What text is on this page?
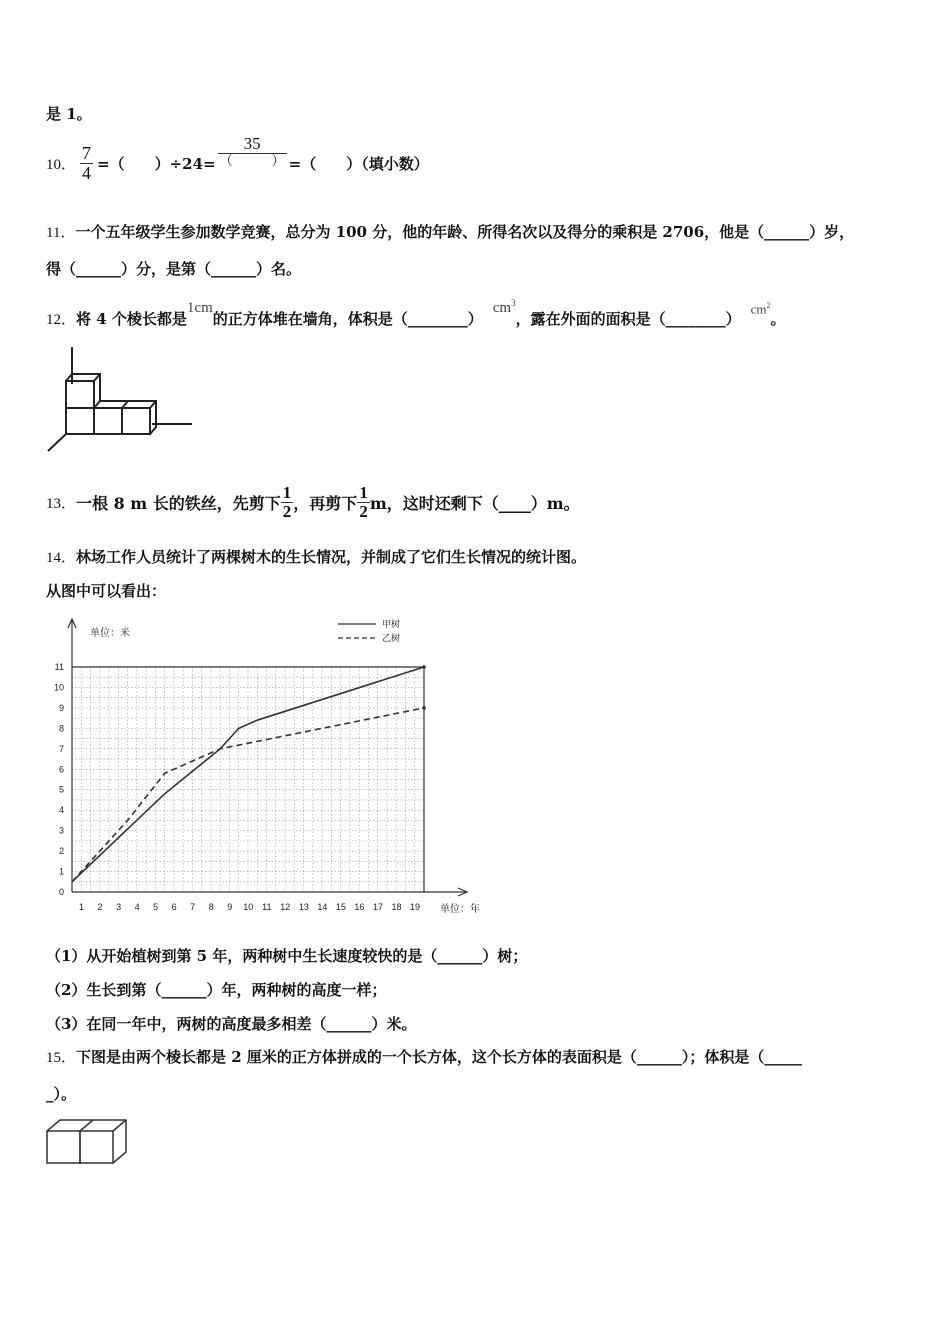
是 1。
10． $\frac{7}{4}$ =（　　）$\div 24= \frac{35}{( )}$ =（　　）（填小数）
11．一个五年级学生参加数学竞赛，总分为 100 分，他的年龄、所得名次以及得分的乘积是 2706，他是（______）岁，
得（______）分，是第（______）名。
12． 将 4 个棱长都是
1cm
的正方体堆在墙角，体积是（________）
$cm^3$
，露在外面的面积是（________）
$cm^2$
。
13． 一根 8 m 长的铁丝，先剪下 $\frac{1}{2}$ ，再剪下 $\frac{1}{2}$ m，这时还剩下（____）m。
14．林场工作人员统计了两棵树木的生长情况，并制成了它们生长情况的统计图。
从图中可以看出：
0
1
2
3
4
5
6
7
8
9
10
11
1 2 3 4 5 6 7 8 9 10 11 12 13 14 15 16 17 18 19
单位：米
单位：年
甲树
乙树
（1）从开始植树到第 5 年，两种树中生长速度较快的是（______）树；
（2）生长到第（______）年，两种树的高度一样；
（3）在同一年中，两树的高度最多相差（______）米。
15．下图是由两个棱长都是 2 厘米的正方体拼成的一个长方体，这个长方体的表面积是（______）；体积是（_____
_）。
